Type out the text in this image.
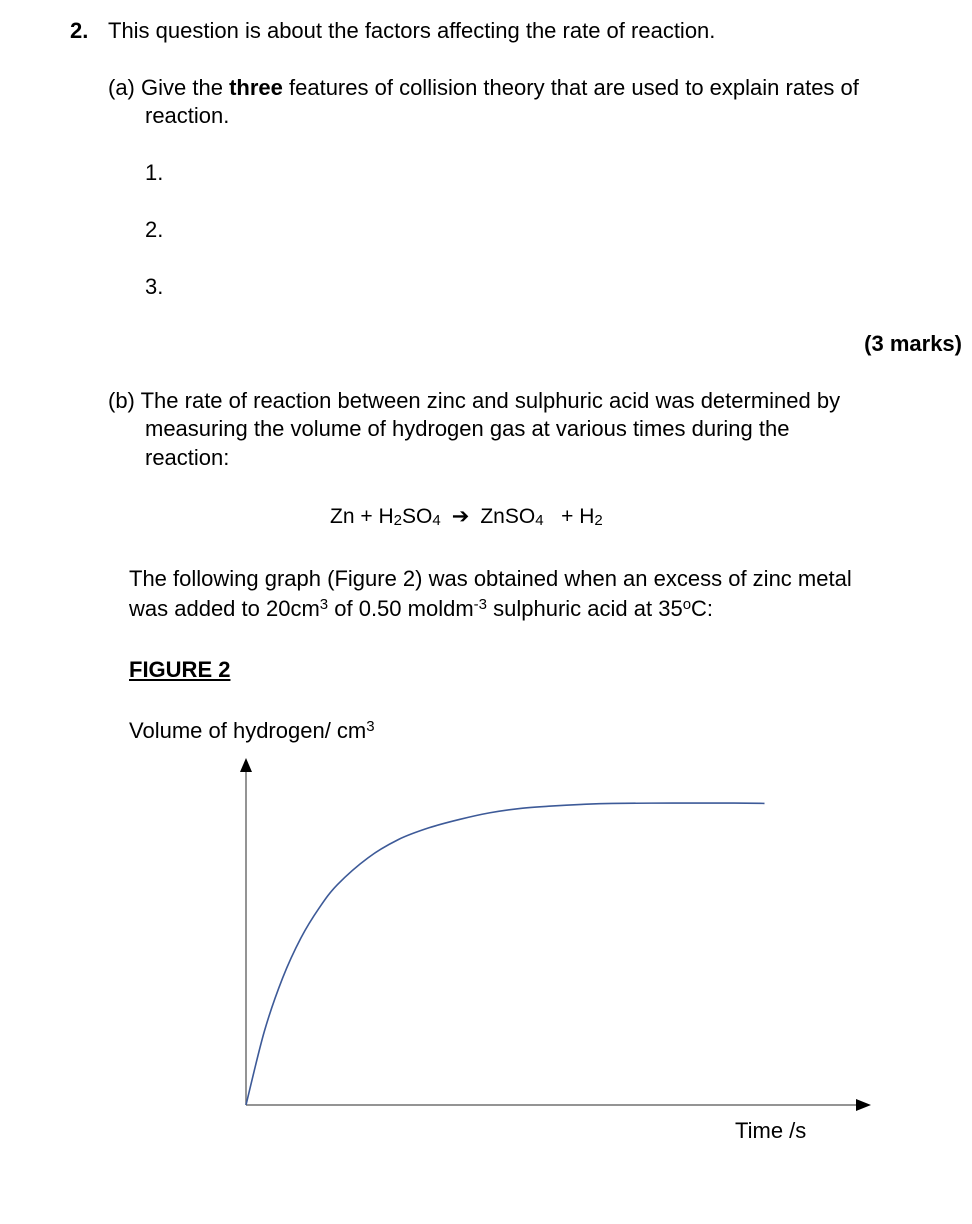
2. This question is about the factors affecting the rate of reaction.
(a) Give the three features of collision theory that are used to explain rates of
reaction.
1.
2.
3.
(3 marks)
(b) The rate of reaction between zinc and sulphuric acid was determined by
measuring the volume of hydrogen gas at various times during the
reaction:
Zn + H2SO4 ➔ ZnSO4 + H2
The following graph (Figure 2) was obtained when an excess of zinc metal
was added to $20cm^3$ of 0.50 moldm$^{-3}$ sulphuric acid at 35$^o$C:
FIGURE 2
Volume of hydrogen/ $cm^3$
Time /s
